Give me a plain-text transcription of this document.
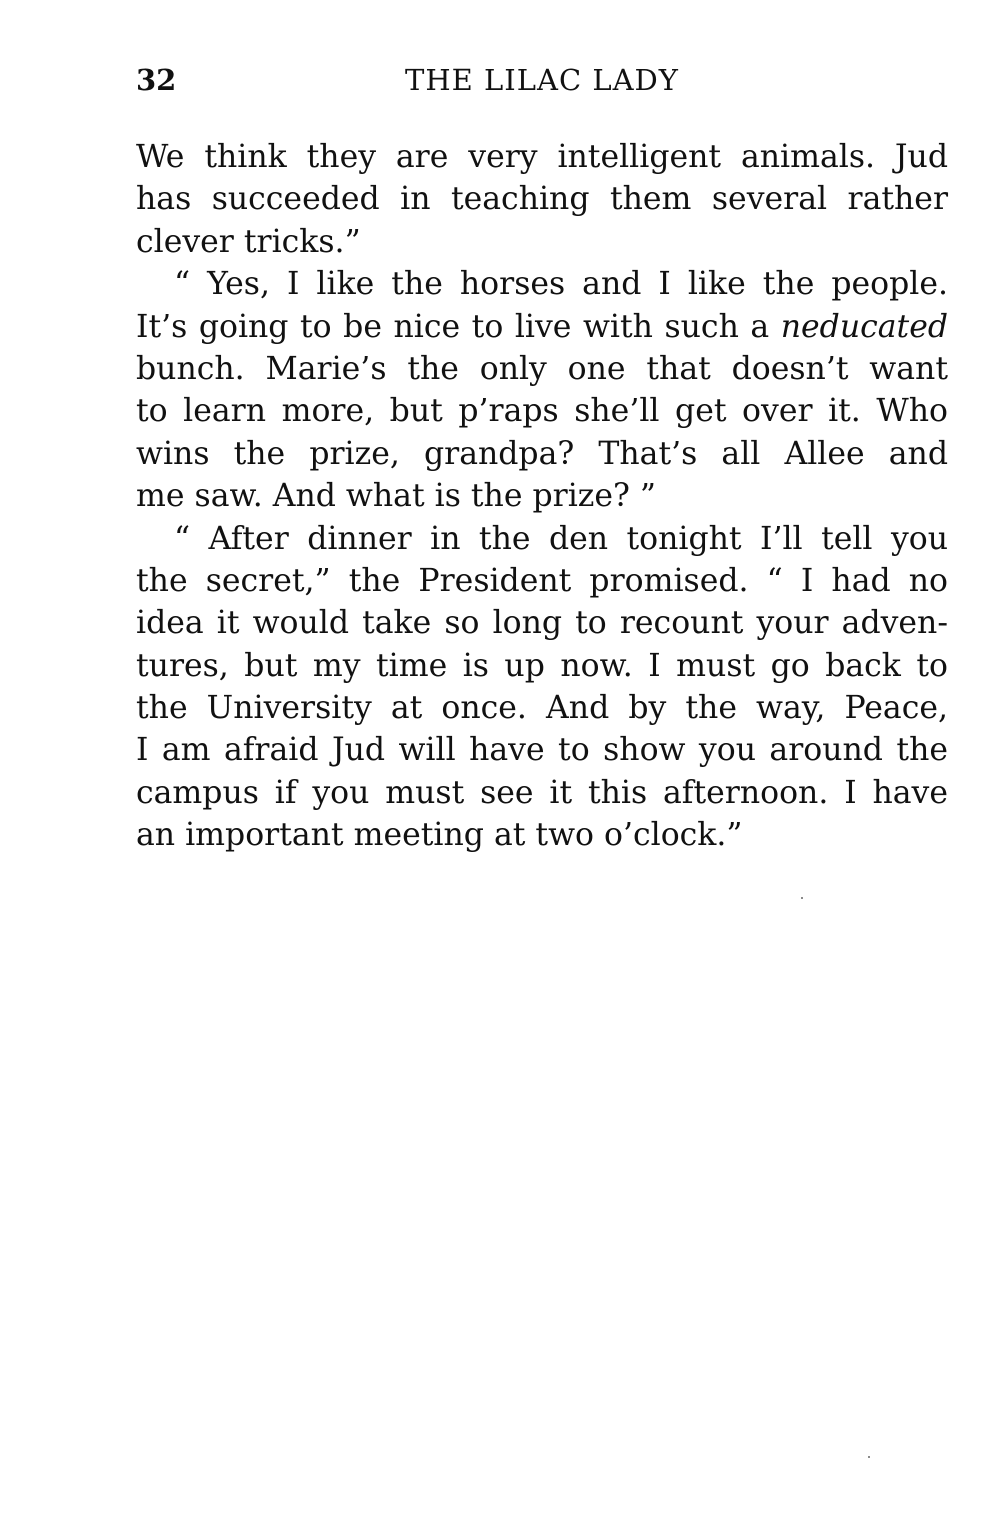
32	THE LILAC LADY
We think they are very intelligent animals. Jud
has succeeded in teaching them several rather
clever tricks.”
“ Yes, I like the horses and I like the people.
It’s going to be nice to live with such a neducated
bunch. Marie’s the only one that doesn’t want
to learn more, but p’raps she’ll get over it. Who
wins the prize, grandpa? That’s all Allee and
me saw. And what is the prize? ”
“ After dinner in the den tonight I’ll tell you
the secret,” the President promised. “ I had no
idea it would take so long to recount your adven-
tures, but my time is up now. I must go back to
the University at once. And by the way, Peace,
I am afraid Jud will have to show you around the
campus if you must see it this afternoon. I have
an important meeting at two o’clock.”
